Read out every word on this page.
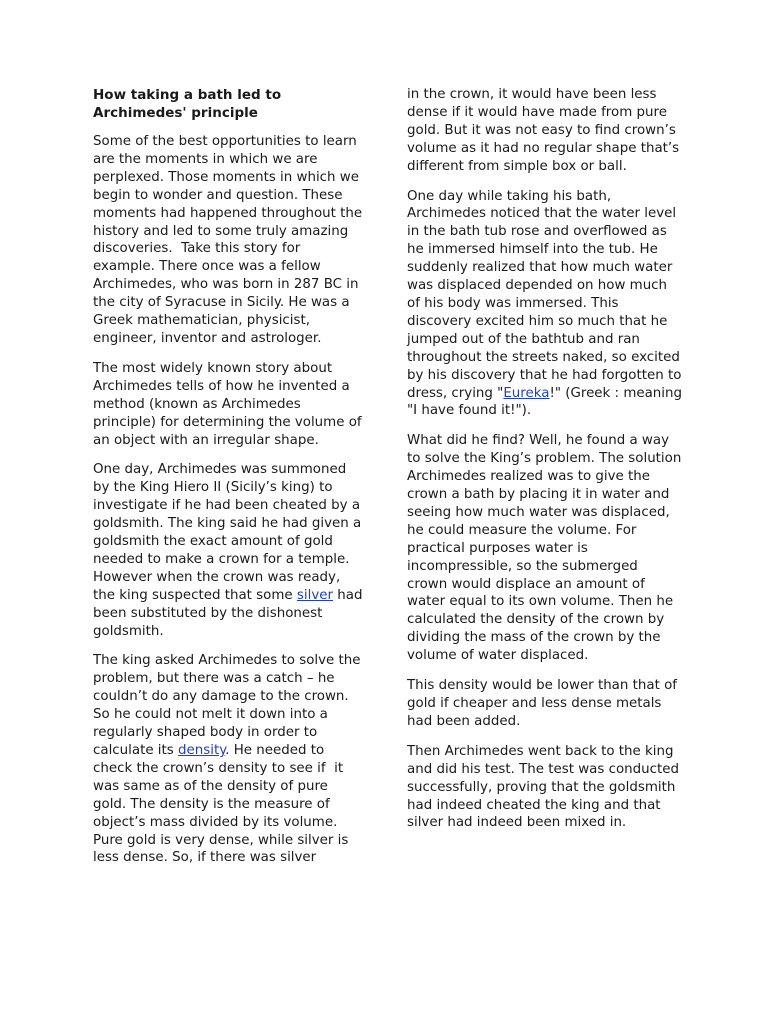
How taking a bath led to
Archimedes' principle

Some of the best opportunities to learn are the moments in which we are perplexed. Those moments in which we begin to wonder and question. These moments had happened throughout the history and led to some truly amazing discoveries.  Take this story for example. There once was a fellow Archimedes, who was born in 287 BC in the city of Syracuse in Sicily. He was a Greek mathematician, physicist, engineer, inventor and astrologer.

The most widely known story about Archimedes tells of how he invented a method (known as Archimedes principle) for determining the volume of an object with an irregular shape.

One day, Archimedes was summoned by the King Hiero II (Sicily’s king) to investigate if he had been cheated by a goldsmith. The king said he had given a goldsmith the exact amount of gold needed to make a crown for a temple. However when the crown was ready, the king suspected that some silver had been substituted by the dishonest goldsmith.

The king asked Archimedes to solve the problem, but there was a catch – he couldn’t do any damage to the crown. So he could not melt it down into a regularly shaped body in order to calculate its density. He needed to check the crown’s density to see if  it was same as of the density of pure gold. The density is the measure of object’s mass divided by its volume. Pure gold is very dense, while silver is less dense. So, if there was silver

in the crown, it would have been less dense if it would have made from pure gold. But it was not easy to find crown’s volume as it had no regular shape that’s different from simple box or ball.

One day while taking his bath, Archimedes noticed that the water level in the bath tub rose and overflowed as he immersed himself into the tub. He suddenly realized that how much water was displaced depended on how much of his body was immersed. This discovery excited him so much that he jumped out of the bathtub and ran throughout the streets naked, so excited by his discovery that he had forgotten to dress, crying "Eureka!" (Greek : meaning "I have found it!").

What did he find? Well, he found a way to solve the King’s problem. The solution Archimedes realized was to give the crown a bath by placing it in water and seeing how much water was displaced,  he could measure the volume. For practical purposes water is incompressible, so the submerged crown would displace an amount of water equal to its own volume. Then he calculated the density of the crown by dividing the mass of the crown by the volume of water displaced.

This density would be lower than that of gold if cheaper and less dense metals had been added.

Then Archimedes went back to the king and did his test. The test was conducted successfully, proving that the goldsmith had indeed cheated the king and that silver had indeed been mixed in.
